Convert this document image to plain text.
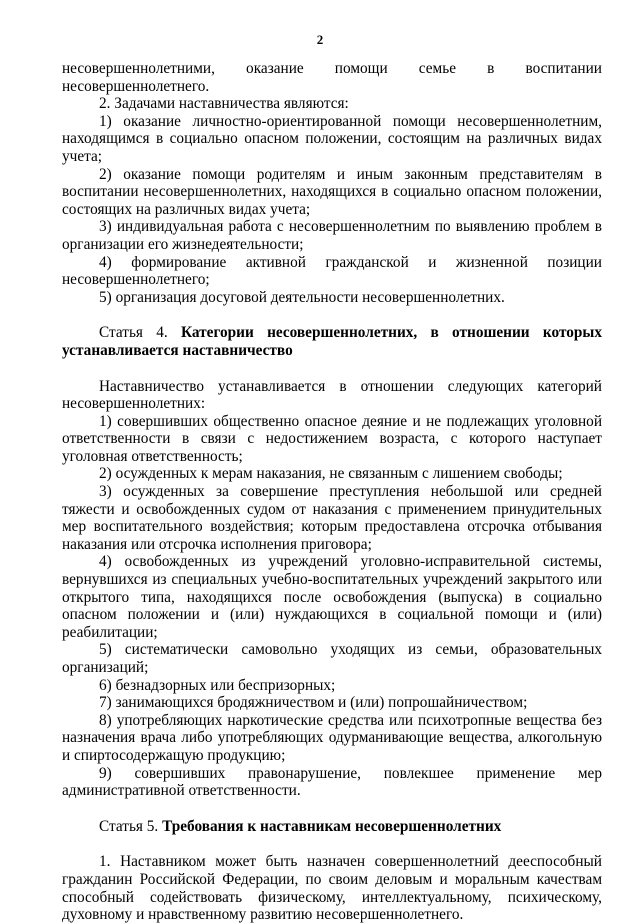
2

несовершеннолетними, оказание помощи семье в воспитании несовершеннолетнего.

2. Задачами наставничества являются:

1) оказание личностно-ориентированной помощи несовершеннолетним, находящимся в социально опасном положении, состоящим на различных видах учета;

2) оказание помощи родителям и иным законным представителям в воспитании несовершеннолетних, находящихся в социально опасном положении, состоящих на различных видах учета;

3) индивидуальная работа с несовершеннолетним по выявлению проблем в организации его жизнедеятельности;

4) формирование активной гражданской и жизненной позиции несовершеннолетнего;

5) организация досуговой деятельности несовершеннолетних.

Статья 4. Категории несовершеннолетних, в отношении которых устанавливается наставничество

Наставничество устанавливается в отношении следующих категорий несовершеннолетних:

1) совершивших общественно опасное деяние и не подлежащих уголовной ответственности в связи с недостижением возраста, с которого наступает уголовная ответственность;

2) осужденных к мерам наказания, не связанным с лишением свободы;

3) осужденных за совершение преступления небольшой или средней тяжести и освобожденных судом от наказания с применением принудительных мер воспитательного воздействия; которым предоставлена отсрочка отбывания наказания или отсрочка исполнения приговора;

4) освобожденных из учреждений уголовно-исправительной системы, вернувшихся из специальных учебно-воспитательных учреждений закрытого или открытого типа, находящихся после освобождения (выпуска) в социально опасном положении и (или) нуждающихся в социальной помощи и (или) реабилитации;

5) систематически самовольно уходящих из семьи, образовательных организаций;

6) безнадзорных или беспризорных;

7) занимающихся бродяжничеством и (или) попрошайничеством;

8) употребляющих наркотические средства или психотропные вещества без назначения врача либо употребляющих одурманивающие вещества, алкогольную и спиртосодержащую продукцию;

9) совершивших правонарушение, повлекшее применение мер административной ответственности.

Статья 5. Требования к наставникам несовершеннолетних

1. Наставником может быть назначен совершеннолетний дееспособный гражданин Российской Федерации, по своим деловым и моральным качествам способный содействовать физическому, интеллектуальному, психическому, духовному и нравственному развитию несовершеннолетнего.
